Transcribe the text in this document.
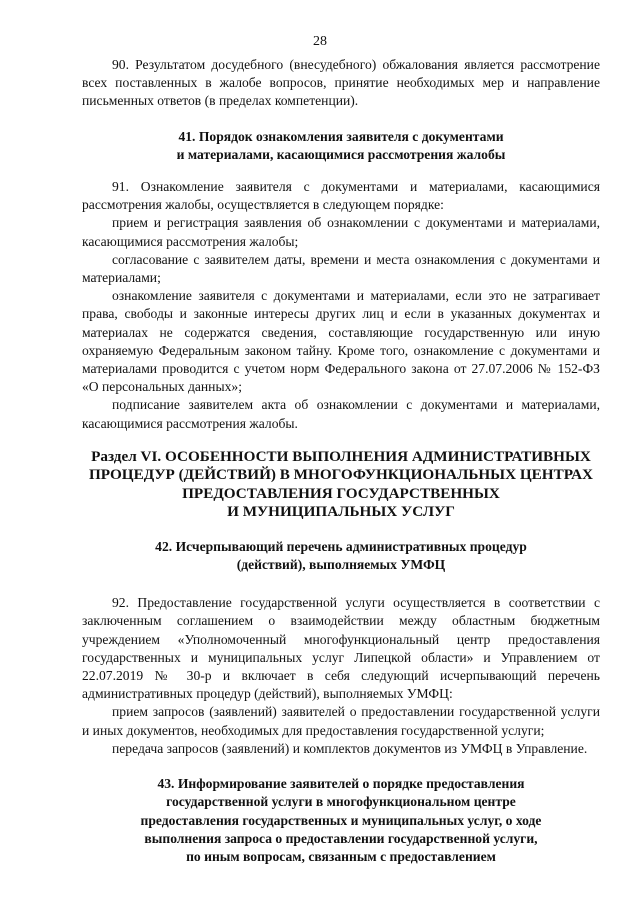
28

90. Результатом досудебного (внесудебного) обжалования является рассмотрение всех поставленных в жалобе вопросов, принятие необходимых мер и направление письменных ответов (в пределах компетенции).

41. Порядок ознакомления заявителя с документами

и материалами, касающимися рассмотрения жалобы

91. Ознакомление заявителя с документами и материалами, касающимися рассмотрения жалобы, осуществляется в следующем порядке:

прием и регистрация заявления об ознакомлении с документами и материалами, касающимися рассмотрения жалобы;

согласование с заявителем даты, времени и места ознакомления с документами и материалами;

ознакомление заявителя с документами и материалами, если это не затрагивает права, свободы и законные интересы других лиц и если в указанных документах и материалах не содержатся сведения, составляющие государственную или иную охраняемую Федеральным законом тайну. Кроме того, ознакомление с документами и материалами проводится с учетом норм Федерального закона от 27.07.2006 № 152-ФЗ «О персональных данных»;

подписание заявителем акта об ознакомлении с документами и материалами, касающимися рассмотрения жалобы.

Раздел VI. ОСОБЕННОСТИ ВЫПОЛНЕНИЯ АДМИНИСТРАТИВНЫХ

ПРОЦЕДУР (ДЕЙСТВИЙ) В МНОГОФУНКЦИОНАЛЬНЫХ ЦЕНТРАХ

ПРЕДОСТАВЛЕНИЯ ГОСУДАРСТВЕННЫХ

И МУНИЦИПАЛЬНЫХ УСЛУГ

42. Исчерпывающий перечень административных процедур

(действий), выполняемых УМФЦ

92. Предоставление государственной услуги осуществляется в соответствии с заключенным соглашением о взаимодействии между областным бюджетным учреждением «Уполномоченный многофункциональный центр предоставления государственных и муниципальных услуг Липецкой области» и Управлением от 22.07.2019 № 30-р и включает в себя следующий исчерпывающий перечень административных процедур (действий), выполняемых УМФЦ:

прием запросов (заявлений) заявителей о предоставлении государственной услуги и иных документов, необходимых для предоставления государственной услуги;

передача запросов (заявлений) и комплектов документов из УМФЦ в Управление.

43. Информирование заявителей о порядке предоставления

государственной услуги в многофункциональном центре

предоставления государственных и муниципальных услуг, о ходе

выполнения запроса о предоставлении государственной услуги,

по иным вопросам, связанным с предоставлением
